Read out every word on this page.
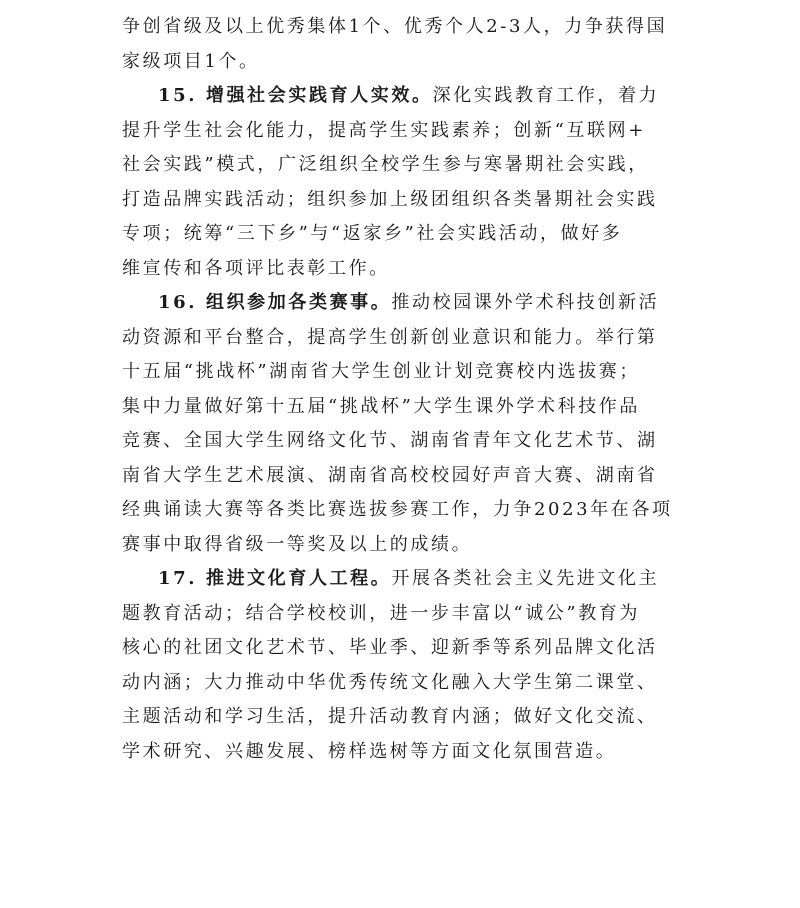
争创省级及以上优秀集体1个、优秀个人2-3人，力争获得国
家级项目1个。
15. 增强社会实践育人实效。深化实践教育工作，着力
提升学生社会化能力，提高学生实践素养；创新“互联网+
社会实践”模式，广泛组织全校学生参与寒暑期社会实践，
打造品牌实践活动；组织参加上级团组织各类暑期社会实践
专项；统筹“三下乡”与“返家乡”社会实践活动，做好多
维宣传和各项评比表彰工作。
16. 组织参加各类赛事。推动校园课外学术科技创新活
动资源和平台整合，提高学生创新创业意识和能力。举行第
十五届“挑战杯”湖南省大学生创业计划竞赛校内选拔赛；
集中力量做好第十五届“挑战杯”大学生课外学术科技作品
竞赛、全国大学生网络文化节、湖南省青年文化艺术节、湖
南省大学生艺术展演、湖南省高校校园好声音大赛、湖南省
经典诵读大赛等各类比赛选拔参赛工作，力争2023年在各项
赛事中取得省级一等奖及以上的成绩。
17. 推进文化育人工程。开展各类社会主义先进文化主
题教育活动；结合学校校训，进一步丰富以“诚公”教育为
核心的社团文化艺术节、毕业季、迎新季等系列品牌文化活
动内涵；大力推动中华优秀传统文化融入大学生第二课堂、
主题活动和学习生活，提升活动教育内涵；做好文化交流、
学术研究、兴趣发展、榜样选树等方面文化氛围营造。
